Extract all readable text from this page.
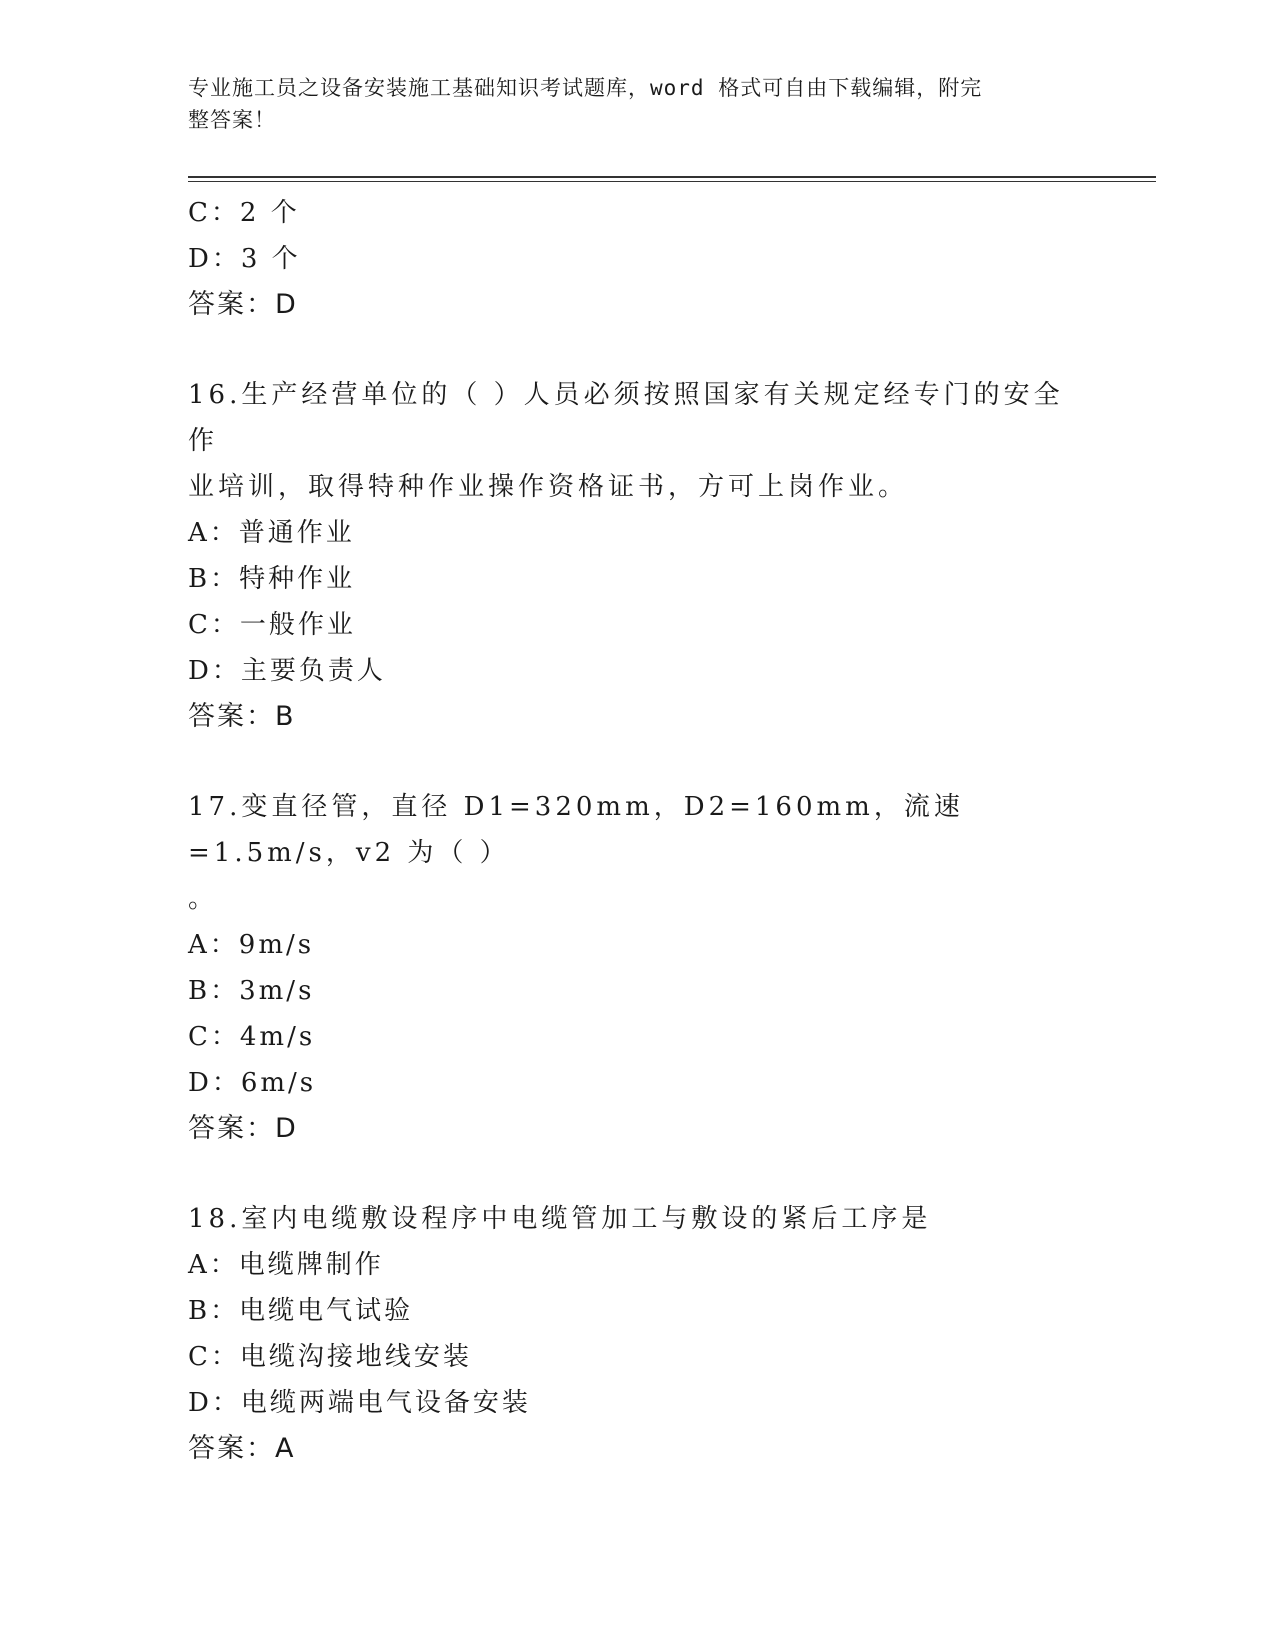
专业施工员之设备安装施工基础知识考试题库，word 格式可自由下载编辑，附完
整答案！
C：2 个
D：3 个
答案：D
16.生产经营单位的（ ）人员必须按照国家有关规定经专门的安全作
业培训，取得特种作业操作资格证书，方可上岗作业。
A：普通作业
B：特种作业
C：一般作业
D：主要负责人
答案：B
17.变直径管，直径 D1=320mm，D2=160mm，流速=1.5m/s，v2 为（ ）
。
A：9m/s
B：3m/s
C：4m/s
D：6m/s
答案：D
18.室内电缆敷设程序中电缆管加工与敷设的紧后工序是
A：电缆牌制作
B：电缆电气试验
C：电缆沟接地线安装
D：电缆两端电气设备安装
答案：A
